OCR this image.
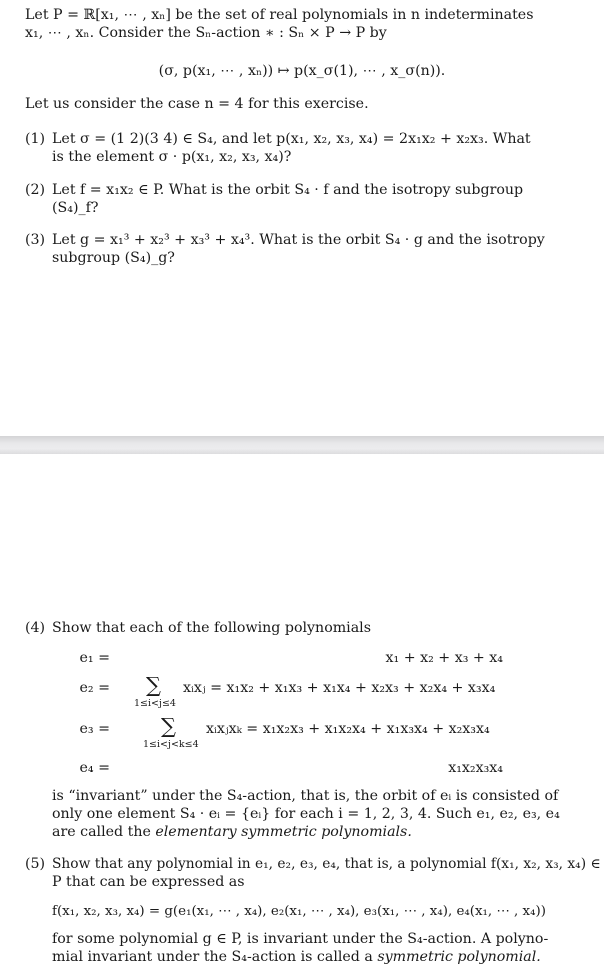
Let P = ℝ[x₁, ⋯ , xₙ] be the set of real polynomials in n indeterminates
x₁, ⋯ , xₙ. Consider the Sₙ-action ∗ : Sₙ × P → P by
(σ, p(x₁, ⋯ , xₙ)) ↦ p(x_σ(1), ⋯ , x_σ(n)).
Let us consider the case n = 4 for this exercise.
(1) Let σ = (1 2)(3 4) ∈ S₄, and let p(x₁, x₂, x₃, x₄) = 2x₁x₂ + x₂x₃. What
is the element σ · p(x₁, x₂, x₃, x₄)?
(2) Let f = x₁x₂ ∈ P. What is the orbit S₄ · f and the isotropy subgroup
(S₄)_f?
(3) Let g = x₁³ + x₂³ + x₃³ + x₄³. What is the orbit S₄ · g and the isotropy
subgroup (S₄)_g?
(4) Show that each of the following polynomials
e₁ =	x₁ + x₂ + x₃ + x₄
e₂ = ∑ xᵢxⱼ = x₁x₂ + x₁x₃ + x₁x₄ + x₂x₃ + x₂x₄ + x₃x₄
1≤i<j≤4
e₃ = ∑ xᵢxⱼxₖ = x₁x₂x₃ + x₁x₂x₄ + x₁x₃x₄ + x₂x₃x₄
1≤i<j<k≤4
e₄ =	x₁x₂x₃x₄
is “invariant” under the S₄-action, that is, the orbit of eᵢ is consisted of
only one element S₄ · eᵢ = {eᵢ} for each i = 1, 2, 3, 4. Such e₁, e₂, e₃, e₄
are called the elementary symmetric polynomials.
(5) Show that any polynomial in e₁, e₂, e₃, e₄, that is, a polynomial f(x₁, x₂, x₃, x₄) ∈
P that can be expressed as
f(x₁, x₂, x₃, x₄) = g(e₁(x₁, ⋯ , x₄), e₂(x₁, ⋯ , x₄), e₃(x₁, ⋯ , x₄), e₄(x₁, ⋯ , x₄))
for some polynomial g ∈ P, is invariant under the S₄-action. A polyno-
mial invariant under the S₄-action is called a symmetric polynomial.
